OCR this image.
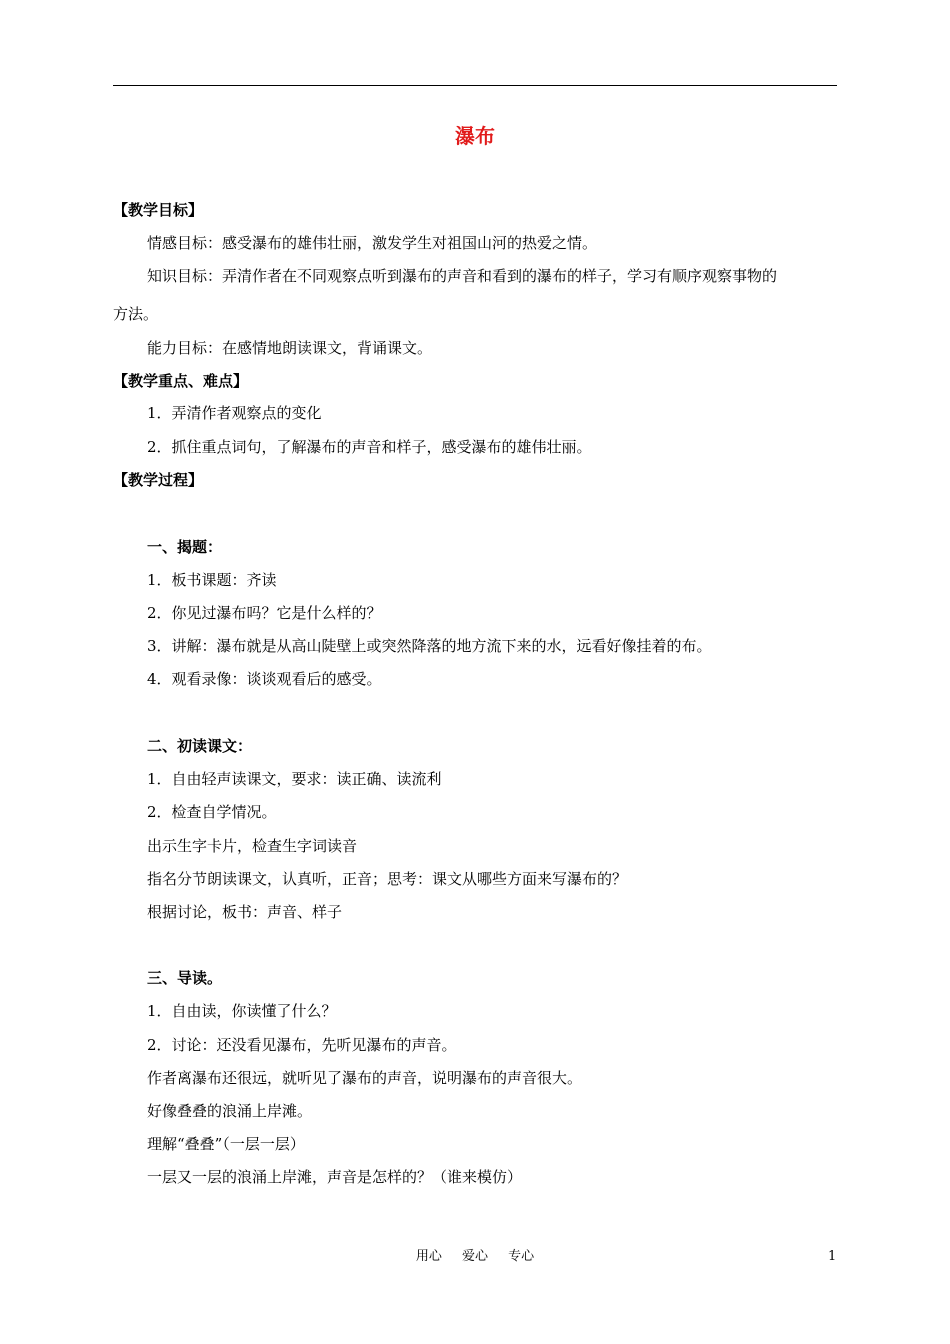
瀑布
【教学目标】
情感目标：感受瀑布的雄伟壮丽，激发学生对祖国山河的热爱之情。
知识目标：弄清作者在不同观察点听到瀑布的声音和看到的瀑布的样子，学习有顺序观察事物的
方法。
能力目标：在感情地朗读课文，背诵课文。
【教学重点、难点】
1．弄清作者观察点的变化
2．抓住重点词句，了解瀑布的声音和样子，感受瀑布的雄伟壮丽。
【教学过程】
一、揭题：
1．板书课题：齐读
2．你见过瀑布吗？它是什么样的？
3．讲解：瀑布就是从高山陡壁上或突然降落的地方流下来的水，远看好像挂着的布。
4．观看录像：谈谈观看后的感受。
二、初读课文：
1．自由轻声读课文，要求：读正确、读流利
2．检查自学情况。
出示生字卡片，检查生字词读音
指名分节朗读课文，认真听，正音；思考：课文从哪些方面来写瀑布的？
根据讨论，板书：声音、样子
三、导读。
1．自由读，你读懂了什么？
2．讨论：还没看见瀑布，先听见瀑布的声音。
作者离瀑布还很远，就听见了瀑布的声音，说明瀑布的声音很大。
好像叠叠的浪涌上岸滩。
理解“叠叠”（一层一层）
一层又一层的浪涌上岸滩，声音是怎样的？（谁来模仿）
用心 爱心 专心	1
